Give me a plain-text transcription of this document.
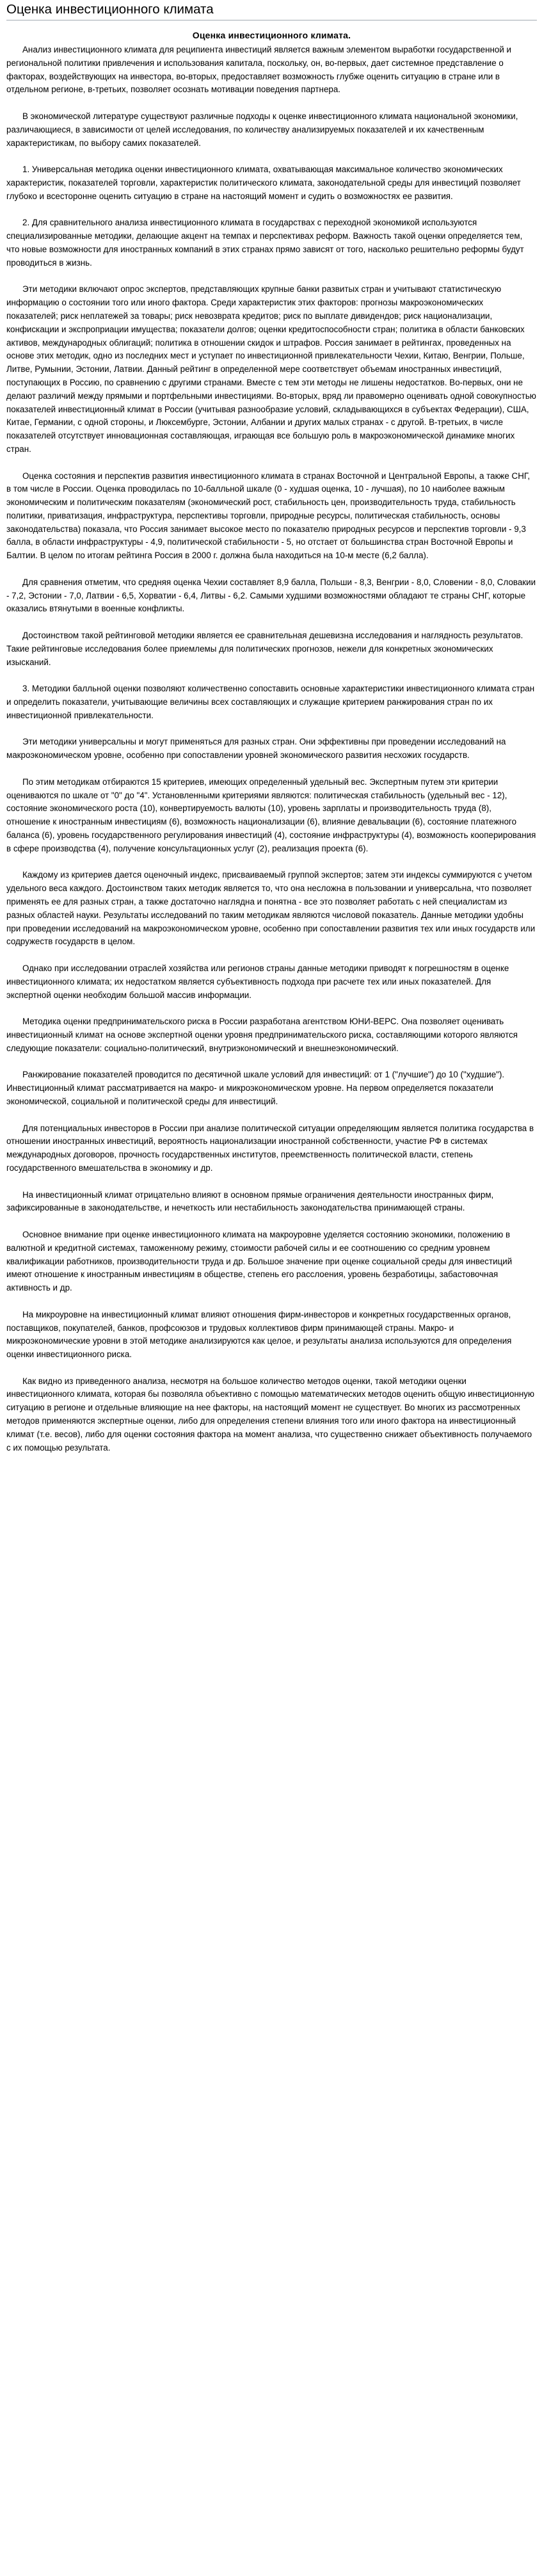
Оценка инвестиционного климата
Оценка инвестиционного климата.

Анализ инвестиционного климата для реципиента инвестиций является важным элементом выработки государственной и региональной политики привлечения и использования капитала, поскольку, он, во-первых, дает системное представление о факторах, воздействующих на инвестора, во-вторых, предоставляет возможность глубже оценить ситуацию в стране или в отдельном регионе, в-третьих, позволяет осознать мотивации поведения партнера.

В экономической литературе существуют различные подходы к оценке инвестиционного климата национальной экономики, различающиеся, в зависимости от целей исследования, по количеству анализируемых показателей и их качественным характеристикам, по выбору самих показателей.

1. Универсальная методика оценки инвестиционного климата, охватывающая максимальное количество экономических характеристик, показателей торговли, характеристик политического климата, законодательной среды для инвестиций позволяет глубоко и всесторонне оценить ситуацию в стране на настоящий момент и судить о возможностях ее развития.

2. Для сравнительного анализа инвестиционного климата в государствах с переходной экономикой используются специализированные методики, делающие акцент на темпах и перспективах реформ. Важность такой оценки определяется тем, что новые возможности для иностранных компаний в этих странах прямо зависят от того, насколько решительно реформы будут проводиться в жизнь.

Эти методики включают опрос экспертов, представляющих крупные банки развитых стран и учитывают статистическую информацию о состоянии того или иного фактора. Среди характеристик этих факторов: прогнозы макроэкономических показателей; риск неплатежей за товары; риск невозврата кредитов; риск по выплате дивидендов; риск национализации, конфискации и экспроприации имущества; показатели долгов; оценки кредитоспособности стран; политика в области банковских активов, международных облигаций; политика в отношении скидок и штрафов. Россия занимает в рейтингах, проведенных на основе этих методик, одно из последних мест и уступает по инвестиционной привлекательности Чехии, Китаю, Венгрии, Польше, Литве, Румынии, Эстонии, Латвии. Данный рейтинг в определенной мере соответствует объемам иностранных инвестиций, поступающих в Россию, по сравнению с другими странами. Вместе с тем эти методы не лишены недостатков. Во-первых, они не делают различий между прямыми и портфельными инвестициями. Во-вторых, вряд ли правомерно оценивать одной совокупностью показателей инвестиционный климат в России (учитывая разнообразие условий, складывающихся в субъектах Федерации), США, Китае, Германии, с одной стороны, и Люксембурге, Эстонии, Албании и других малых странах - с другой. В-третьих, в числе показателей отсутствует инновационная составляющая, играющая все большую роль в макроэкономической динамике многих стран.

Оценка состояния и перспектив развития инвестиционного климата в странах Восточной и Центральной Европы, а также СНГ, в том числе в России. Оценка проводилась по 10-балльной шкале (0 - худшая оценка, 10 - лучшая), по 10 наиболее важным экономическим и политическим показателям (экономический рост, стабильность цен, производительность труда, стабильность политики, приватизация, инфраструктура, перспективы торговли, природные ресурсы, политическая стабильность, основы законодательства) показала, что Россия занимает высокое место по показателю природных ресурсов и перспектив торговли - 9,3 балла, в области инфраструктуры - 4,9, политической стабильности - 5, но отстает от большинства стран Восточной Европы и Балтии. В целом по итогам рейтинга Россия в 2000 г. должна была находиться на 10-м месте (6,2 балла).

Для сравнения отметим, что средняя оценка Чехии составляет 8,9 балла, Польши - 8,3, Венгрии - 8,0, Словении - 8,0, Словакии - 7,2, Эстонии - 7,0, Латвии - 6,5, Хорватии - 6,4, Литвы - 6,2. Самыми худшими возможностями обладают те страны СНГ, которые оказались втянутыми в военные конфликты.

Достоинством такой рейтинговой методики является ее сравнительная дешевизна исследования и наглядность результатов. Такие рейтинговые исследования более приемлемы для политических прогнозов, нежели для конкретных экономических изысканий.

3. Методики балльной оценки позволяют количественно сопоставить основные характеристики инвестиционного климата стран и определить показатели, учитывающие величины всех составляющих и служащие критерием ранжирования стран по их инвестиционной привлекательности.

Эти методики универсальны и могут применяться для разных стран. Они эффективны при проведении исследований на макроэкономическом уровне, особенно при сопоставлении уровней экономического развития несхожих государств.

По этим методикам отбираются 15 критериев, имеющих определенный удельный вес. Экспертным путем эти критерии оцениваются по шкале от "0" до "4". Установленными критериями являются: политическая стабильность (удельный вес - 12), состояние экономического роста (10), конвертируемость валюты (10), уровень зарплаты и производительность труда (8), отношение к иностранным инвестициям (6), возможность национализации (6), влияние девальвации (6), состояние платежного баланса (6), уровень государственного регулирования инвестиций (4), состояние инфраструктуры (4), возможность кооперирования в сфере производства (4), получение консультационных услуг (2), реализация проекта (6).

Каждому из критериев дается оценочный индекс, присваиваемый группой экспертов; затем эти индексы суммируются с учетом удельного веса каждого. Достоинством таких методик является то, что она несложна в пользовании и универсальна, что позволяет применять ее для разных стран, а также достаточно наглядна и понятна - все это позволяет работать с ней специалистам из разных областей науки. Результаты исследований по таким методикам являются числовой показатель. Данные методики удобны при проведении исследований на макроэкономическом уровне, особенно при сопоставлении развития тех или иных государств или содружеств государств в целом.

Однако при исследовании отраслей хозяйства или регионов страны данные методики приводят к погрешностям в оценке инвестиционного климата; их недостатком является субъективность подхода при расчете тех или иных показателей. Для экспертной оценки необходим большой массив информации.

Методика оценки предпринимательского риска в России разработана агентством ЮНИ-ВЕРС. Она позволяет оценивать инвестиционный климат на основе экспертной оценки уровня предпринимательского риска, составляющими которого являются следующие показатели: социально-политический, внутриэкономический и внешнеэкономический.

Ранжирование показателей проводится по десятичной шкале условий для инвестиций: от 1 ("лучшие") до 10 ("худшие"). Инвестиционный климат рассматривается на макро- и микроэкономическом уровне. На первом определяется показатели экономической, социальной и политической среды для инвестиций.

Для потенциальных инвесторов в России при анализе политической ситуации определяющим является политика государства в отношении иностранных инвестиций, вероятность национализации иностранной собственности, участие РФ в системах международных договоров, прочность государственных институтов, преемственность политической власти, степень государственного вмешательства в экономику и др.

На инвестиционный климат отрицательно влияют в основном прямые ограничения деятельности иностранных фирм, зафиксированные в законодательстве, и нечеткость или нестабильность законодательства принимающей страны.

Основное внимание при оценке инвестиционного климата на макроуровне уделяется состоянию экономики, положению в валютной и кредитной системах, таможенному режиму, стоимости рабочей силы и ее соотношению со средним уровнем квалификации работников, производительности труда и др. Большое значение при оценке социальной среды для инвестиций имеют отношение к иностранным инвестициям в обществе, степень его расслоения, уровень безработицы, забастовочная активность и др.

На микроуровне на инвестиционный климат влияют отношения фирм-инвесторов и конкретных государственных органов, поставщиков, покупателей, банков, профсоюзов и трудовых коллективов фирм принимающей страны. Макро- и микроэкономические уровни в этой методике анализируются как целое, и результаты анализа используются для определения оценки инвестиционного риска.

Как видно из приведенного анализа, несмотря на большое количество методов оценки, такой методики оценки инвестиционного климата, которая бы позволяла объективно с помощью математических методов оценить общую инвестиционную ситуацию в регионе и отдельные влияющие на нее факторы, на настоящий момент не существует. Во многих из рассмотренных методов применяются экспертные оценки, либо для определения степени влияния того или иного фактора на инвестиционный климат (т.е. весов), либо для оценки состояния фактора на момент анализа, что существенно снижает объективность получаемого с их помощью результата.
